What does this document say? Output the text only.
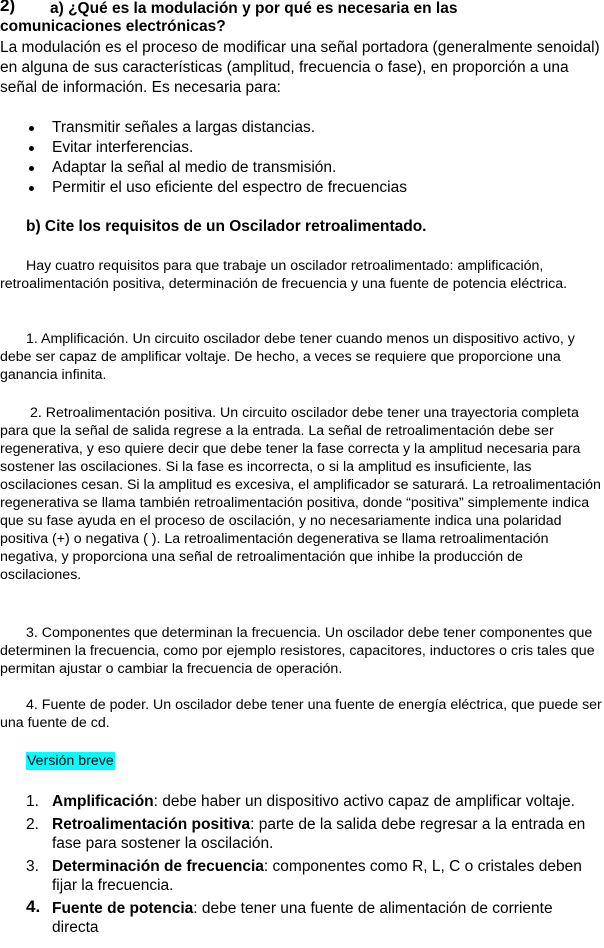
2)	a) ¿Qué es la modulación y por qué es necesaria en las
comunicaciones electrónicas?
La modulación es el proceso de modificar una señal portadora (generalmente senoidal) en alguna de sus características (amplitud, frecuencia o fase), en proporción a una señal de información. Es necesaria para:
Transmitir señales a largas distancias.
Evitar interferencias.
Adaptar la señal al medio de transmisión.
Permitir el uso eficiente del espectro de frecuencias
b) Cite los requisitos de un Oscilador retroalimentado.
Hay cuatro requisitos para que trabaje un oscilador retroalimentado: amplificación, retroalimentación positiva, determinación de frecuencia y una fuente de potencia eléctrica.
1. Amplificación. Un circuito oscilador debe tener cuando menos un dispositivo activo, y debe ser capaz de amplificar voltaje. De hecho, a veces se requiere que proporcione una ganancia infinita.
2. Retroalimentación positiva. Un circuito oscilador debe tener una trayectoria completa para que la señal de salida regrese a la entrada. La señal de retroalimentación debe ser regenerativa, y eso quiere decir que debe tener la fase correcta y la amplitud necesaria para sostener las oscilaciones. Si la fase es incorrecta, o si la amplitud es insuficiente, las oscilaciones cesan. Si la amplitud es excesiva, el amplificador se saturará. La retroalimentación regenerativa se llama también retroalimentación positiva, donde “positiva” simplemente indica que su fase ayuda en el proceso de oscilación, y no necesariamente indica una polaridad positiva (+) o negativa ( ). La retroalimentación degenerativa se llama retroalimentación negativa, y proporciona una señal de retroalimentación que inhibe la producción de oscilaciones.
3. Componentes que determinan la frecuencia. Un oscilador debe tener componentes que determinen la frecuencia, como por ejemplo resistores, capacitores, inductores o cris tales que permitan ajustar o cambiar la frecuencia de operación.
4. Fuente de poder. Un oscilador debe tener una fuente de energía eléctrica, que puede ser una fuente de cd.
Versión breve
1. Amplificación: debe haber un dispositivo activo capaz de amplificar voltaje.
2. Retroalimentación positiva: parte de la salida debe regresar a la entrada en fase para sostener la oscilación.
3. Determinación de frecuencia: componentes como R, L, C o cristales deben fijar la frecuencia.
4. Fuente de potencia: debe tener una fuente de alimentación de corriente directa
